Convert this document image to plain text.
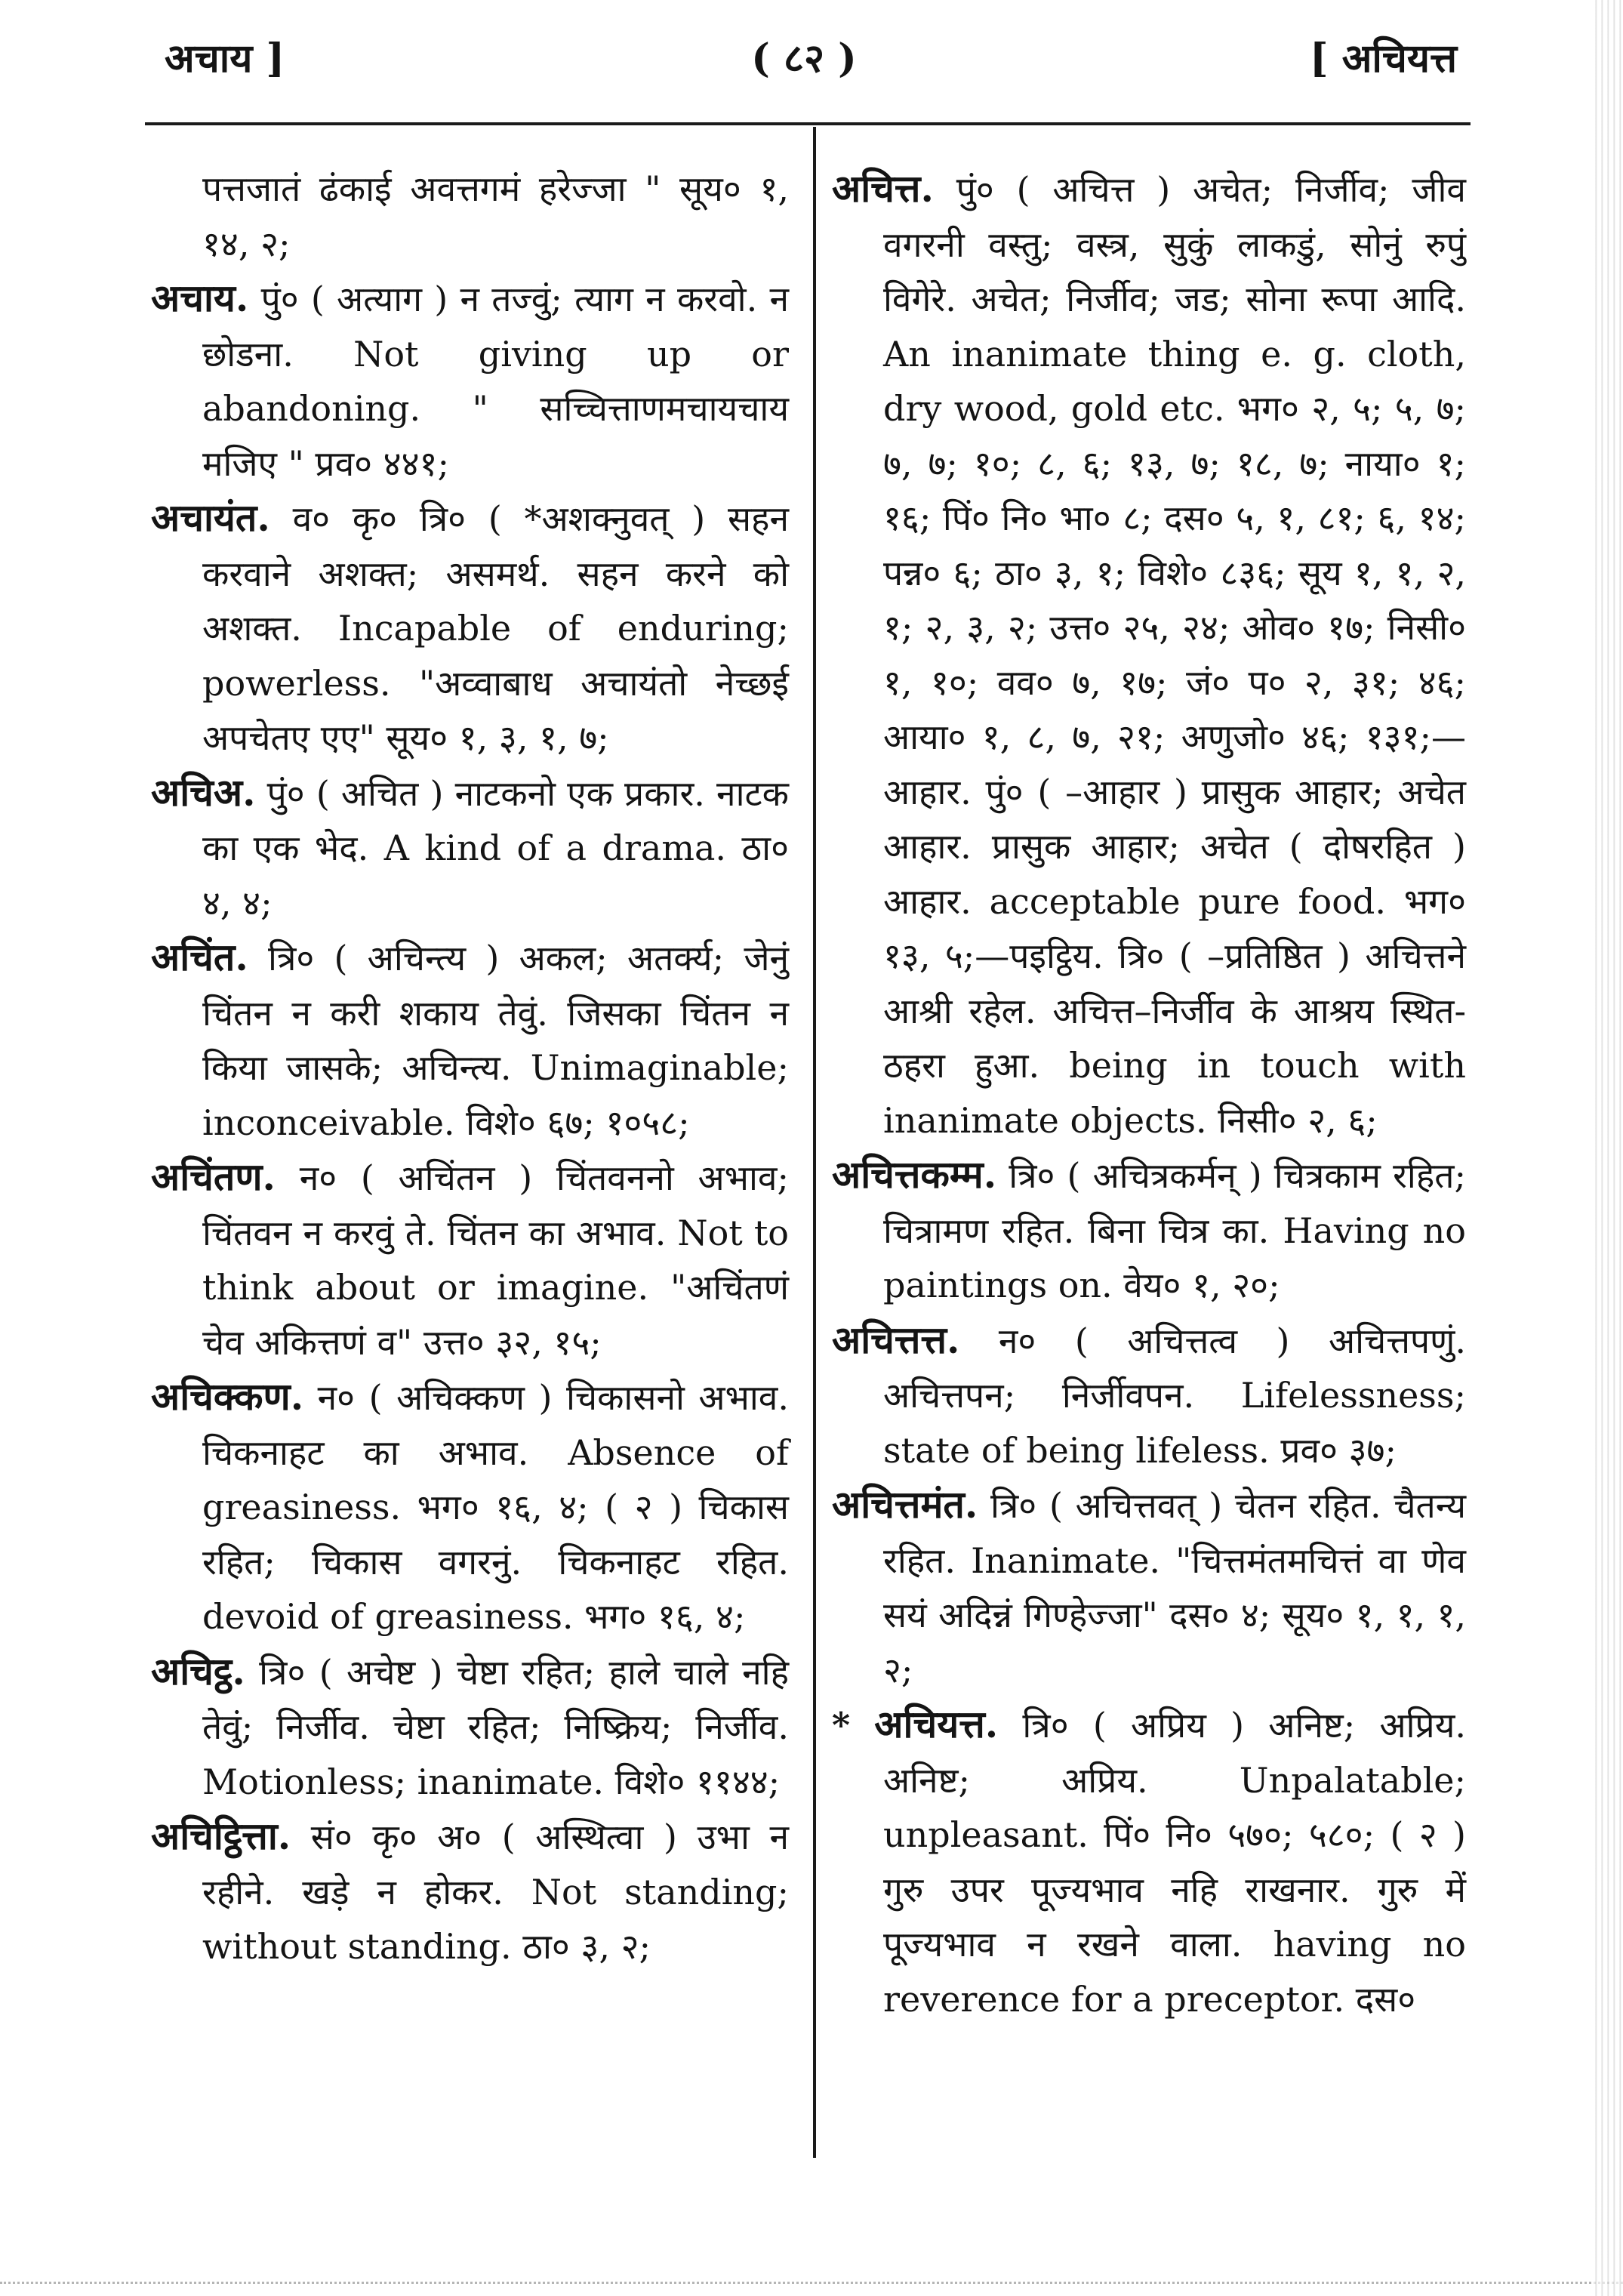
अचाय ]	( ८२ )	[ अचियत्त

पत्तजातं ढंकाई अवत्तगमं हरेज्जा " सूय० १, १४, २;

अचाय. पुं० ( अत्याग ) न तज्वुं; त्याग न करवो. न छोडना. Not giving up or abandoning. " सच्चित्ताणमचायचाय मजिए " प्रव० ४४१;

अचायंत. व० कृ० त्रि० ( *अशक्नुवत् ) सहन करवाने अशक्त; असमर्थ. सहन करने को अशक्त. Incapable of enduring; powerless. "अव्वाबाध अचायंतो नेच्छई अपचेतए एए" सूय० १, ३, १, ७;

अचिअ. पुं० ( अचित ) नाटकनो एक प्रकार. नाटक का एक भेद. A kind of a drama. ठा० ४, ४;

अचिंत. त्रि० ( अचिन्त्य ) अकल; अतर्क्य; जेनुं चिंतन न करी शकाय तेवुं. जिसका चिंतन न किया जासके; अचिन्त्य. Unimaginable; inconceivable. विशे० ६७; १०५८;

अचिंतण. न० ( अचिंतन ) चिंतवननो अभाव; चिंतवन न करवुं ते. चिंतन का अभाव. Not to think about or imagine. "अचिंतणं चेव अकित्तणं व" उत्त० ३२, १५;

अचिक्कण. न० ( अचिक्कण ) चिकासनो अभाव. चिकनाहट का अभाव. Absence of greasiness. भग० १६, ४; ( २ ) चिकास रहित; चिकास वगरनुं. चिकनाहट रहित. devoid of greasiness. भग० १६, ४;

अचिट्ठ. त्रि० ( अचेष्ट ) चेष्टा रहित; हाले चाले नहि तेवुं; निर्जीव. चेष्टा रहित; निष्क्रिय; निर्जीव. Motionless; inanimate. विशे० ११४४;

अचिट्ठित्ता. सं० कृ० अ० ( अस्थित्वा ) उभा न रहीने. खड़े न होकर. Not standing; without standing. ठा० ३, २;

अचित्त. पुं० ( अचित्त ) अचेत; निर्जीव; जीव वगरनी वस्तु; वस्त्र, सुकुं लाकडुं, सोनुं रुपुं विगेरे. अचेत; निर्जीव; जड; सोना रूपा आदि. An inanimate thing e. g. cloth, dry wood, gold etc. भग० २, ५; ५, ७; ७, ७; १०; ८, ६; १३, ७; १८, ७; नाया० १; १६; पिं० नि० भा० ८; दस० ५, १, ८१; ६, १४; पन्न० ६; ठा० ३, १; विशे० ८३६; सूय १, १, २, १; २, ३, २; उत्त० २५, २४; ओव० १७; निसी० १, १०; वव० ७, १७; जं० प० २, ३१; ४६; आया० १, ८, ७, २१; अणुजो० ४६; १३१;—आहार. पुं० ( –आहार ) प्रासुक आहार; अचेत आहार. प्रासुक आहार; अचेत ( दोषरहित ) आहार. acceptable pure food. भग० १३, ५;—पइट्ठिय. त्रि० ( –प्रतिष्ठित ) अचित्तने आश्री रहेल. अचित्त–निर्जीव के आश्रय स्थित-ठहरा हुआ. being in touch with inanimate objects. निसी० २, ६;

अचित्तकम्म. त्रि० ( अचित्रकर्मन् ) चित्रकाम रहित; चित्रामण रहित. बिना चित्र का. Having no paintings on. वेय० १, २०;

अचित्तत्त. न० ( अचित्तत्व ) अचित्तपणुं. अचित्तपन; निर्जीवपन. Lifelessness; state of being lifeless. प्रव० ३७;

अचित्तमंत. त्रि० ( अचित्तवत् ) चेतन रहित. चैतन्य रहित. Inanimate. "चित्तमंतमचित्तं वा णेव सयं अदिन्नं गिण्हेज्जा" दस० ४; सूय० १, १, १, २;

* अचियत्त. त्रि० ( अप्रिय ) अनिष्ट; अप्रिय. अनिष्ट; अप्रिय. Unpalatable; unpleasant. पिं० नि० ५७०; ५८०; ( २ ) गुरु उपर पूज्यभाव नहि राखनार. गुरु में पूज्यभाव न रखने वाला. having no reverence for a preceptor. दस०
